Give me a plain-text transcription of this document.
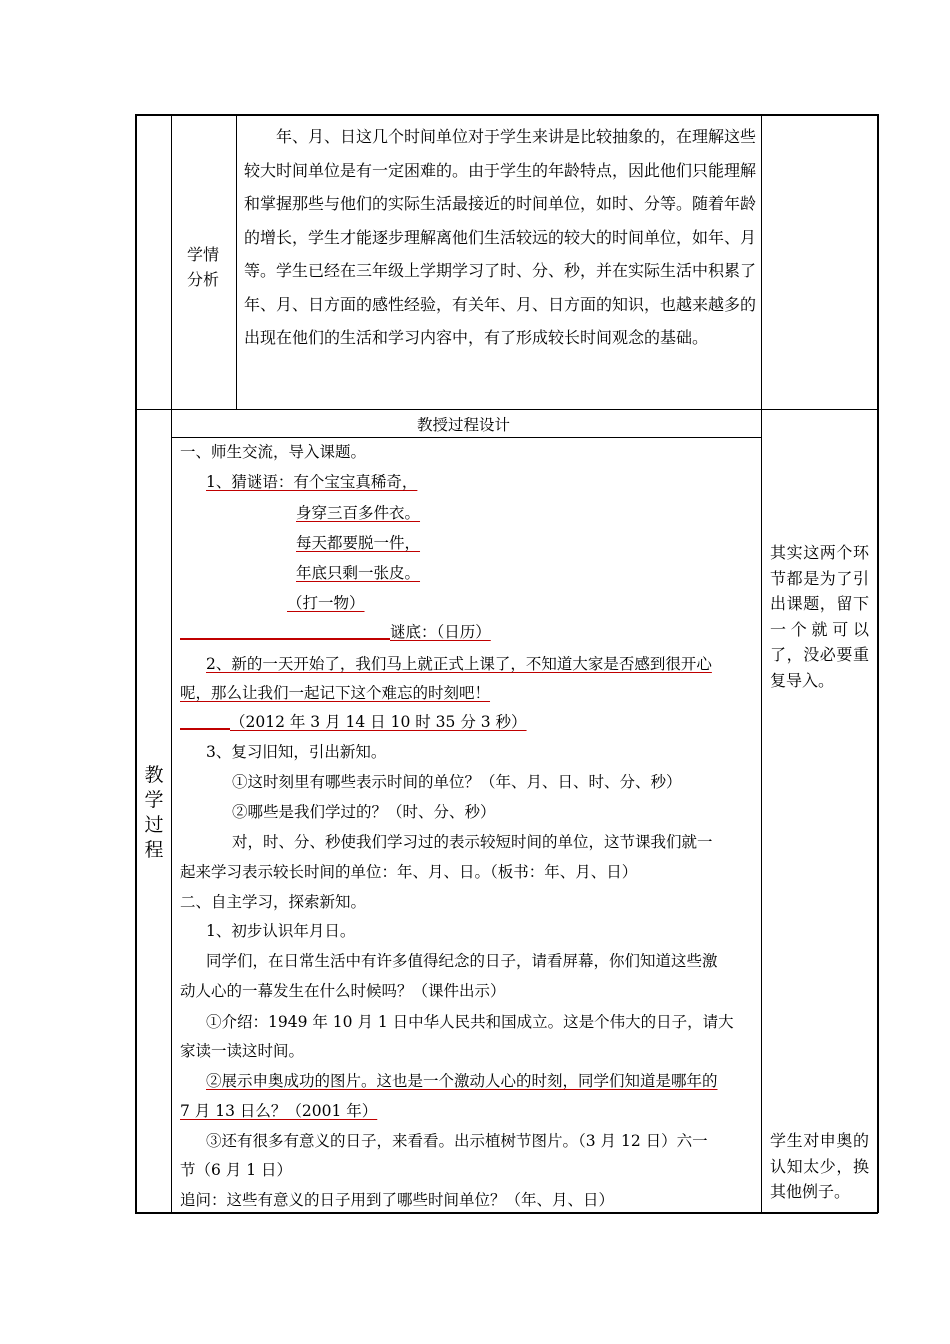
学情分析
年、月、日这几个时间单位对于学生来讲是比较抽象的，在理解这些较大时间单位是有一定困难的。由于学生的年龄特点，因此他们只能理解和掌握那些与他们的实际生活最接近的时间单位，如时、分等。随着年龄的增长，学生才能逐步理解离他们生活较远的较大的时间单位，如年、月等。学生已经在三年级上学期学习了时、分、秒，并在实际生活中积累了年、月、日方面的感性经验，有关年、月、日方面的知识，也越来越多的出现在他们的生活和学习内容中，有了形成较长时间观念的基础。
教学过程
教授过程设计
一、师生交流，导入课题。
1、猜谜语：有个宝宝真稀奇，
身穿三百多件衣。
每天都要脱一件，
年底只剩一张皮。
（打一物）
谜底：（日历）
2、新的一天开始了，我们马上就正式上课了，不知道大家是否感到很开心
呢，那么让我们一起记下这个难忘的时刻吧！
（2012 年 3 月 14 日 10 时 35 分 3 秒）
3、复习旧知，引出新知。
①这时刻里有哪些表示时间的单位？（年、月、日、时、分、秒）
②哪些是我们学过的？（时、分、秒）
对，时、分、秒使我们学习过的表示较短时间的单位，这节课我们就一
起来学习表示较长时间的单位：年、月、日。（板书：年、月、日）
二、自主学习，探索新知。
1、初步认识年月日。
同学们，在日常生活中有许多值得纪念的日子，请看屏幕，你们知道这些激
动人心的一幕发生在什么时候吗？（课件出示）
①介绍：1949 年 10 月 1 日中华人民共和国成立。这是个伟大的日子，请大
家读一读这时间。
②展示申奥成功的图片。这也是一个激动人心的时刻，同学们知道是哪年的
7 月 13 日么？（2001 年）
③还有很多有意义的日子，来看看。出示植树节图片。（3 月 12 日）六一
节（6 月 1 日）
追问：这些有意义的日子用到了哪些时间单位？（年、月、日）
其实这两个环节都是为了引出课题，留下一个就可以了，没必要重复导入。
学生对申奥的认知太少，换其他例子。
